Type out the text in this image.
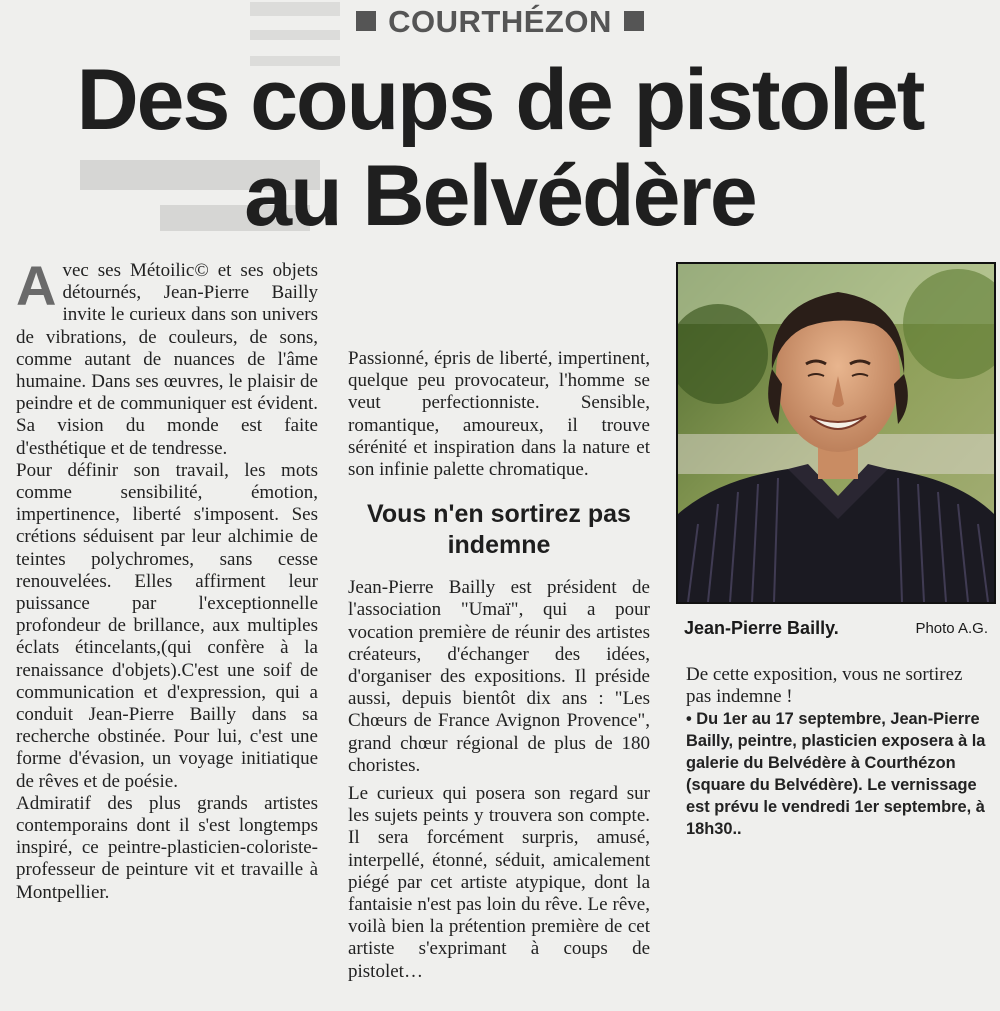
COURTHÉZON
Des coups de pistolet
au Belvédère

Avec ses Métoilic© et ses objets détournés, Jean-Pierre Bailly invite le curieux dans son univers de vibrations, de couleurs, de sons, comme autant de nuances de l'âme humaine. Dans ses œuvres, le plaisir de peindre et de communiquer est évident. Sa vision du monde est faite d'esthétique et de tendresse.

Pour définir son travail, les mots comme sensibilité, émotion, impertinence, liberté s'imposent. Ses crétions séduisent par leur alchimie de teintes polychromes, sans cesse renouvelées. Elles affirment leur puissance par l'exceptionnelle profondeur de brillance, aux multiples éclats étincelants,(qui confère à la renaissance d'objets).C'est une soif de communication et d'expression, qui a conduit Jean-Pierre Bailly dans sa recherche obstinée. Pour lui, c'est une forme d'évasion, un voyage initiatique de rêves et de poésie.

Admiratif des plus grands artistes contemporains dont il s'est longtemps inspiré, ce peintre-plasticien-coloriste-professeur de peinture vit et travaille à Montpellier.

Passionné, épris de liberté, impertinent, quelque peu provocateur, l'homme se veut perfectionniste. Sensible, romantique, amoureux, il trouve sérénité et inspiration dans la nature et son infinie palette chromatique.

Vous n'en sortirez pas indemne

Jean-Pierre Bailly est président de l'association "Umaï", qui a pour vocation première de réunir des artistes créateurs, d'échanger des idées, d'organiser des expositions. Il préside aussi, depuis bientôt dix ans : "Les Chœurs de France Avignon Provence", grand chœur régional de plus de 180 choristes.

Le curieux qui posera son regard sur les sujets peints y trouvera son compte. Il sera forcément surpris, amusé, interpellé, étonné, séduit, amicalement piégé par cet artiste atypique, dont la fantaisie n'est pas loin du rêve. Le rêve, voilà bien la prétention première de cet artiste s'exprimant à coups de pistolet…

Jean-Pierre Bailly.	Photo A.G.

De cette exposition, vous ne sortirez pas indemne !

• Du 1er au 17 septembre, Jean-Pierre Bailly, peintre, plasticien exposera à la galerie du Belvédère à Courthézon (square du Belvédère). Le vernissage est prévu le vendredi 1er septembre, à 18h30..
